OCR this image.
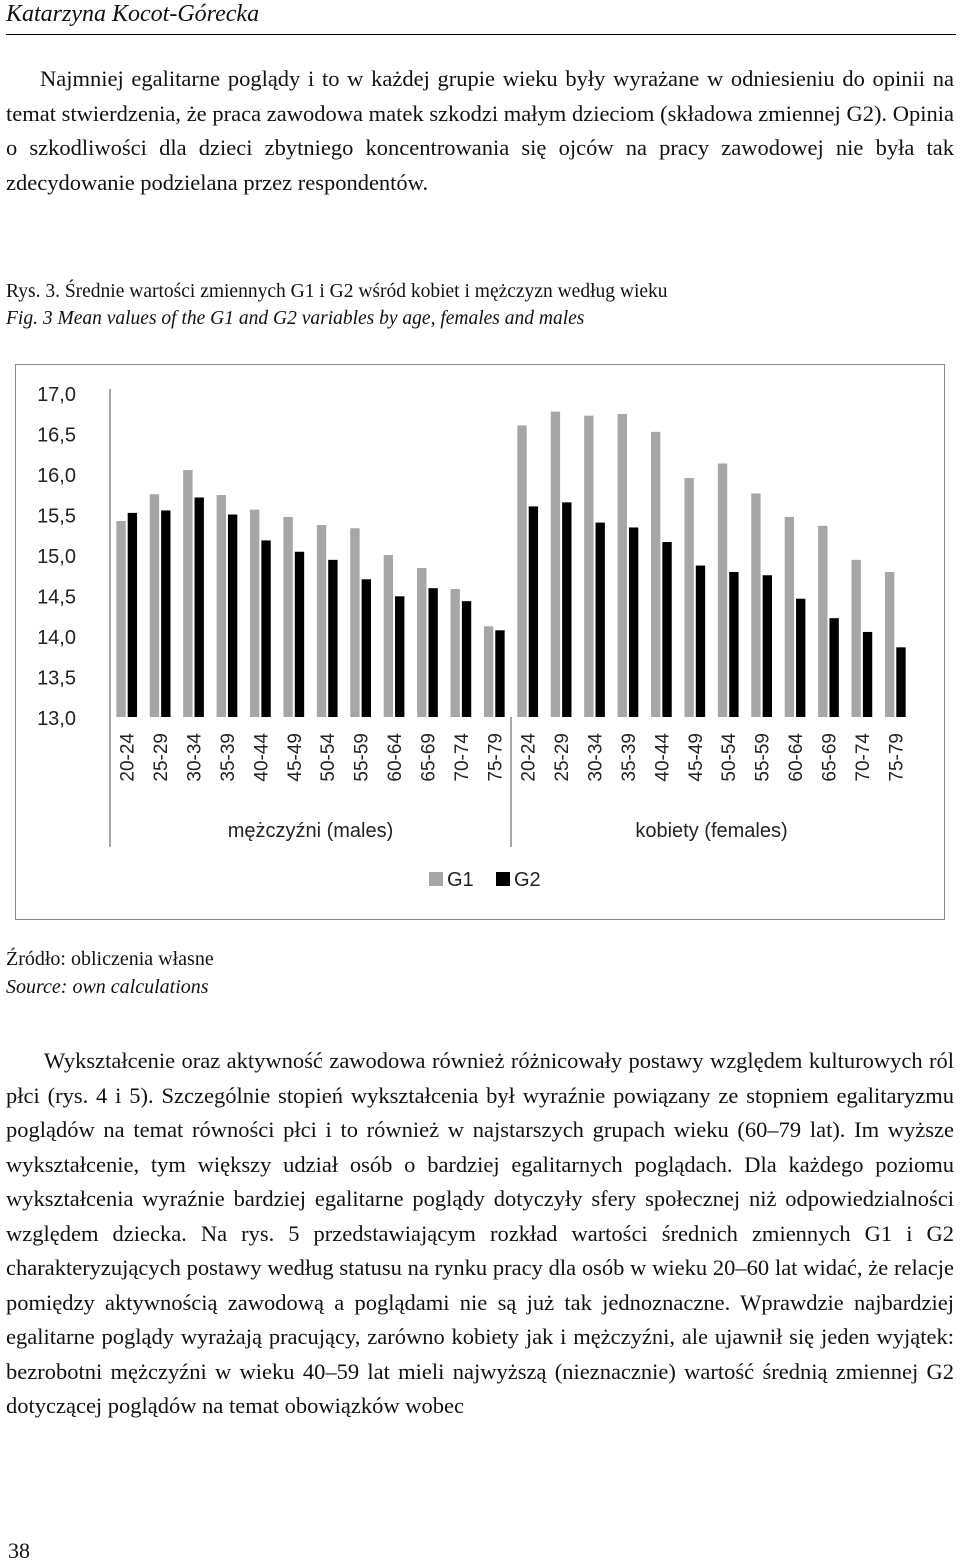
Katarzyna Kocot-Górecka

Najmniej egalitarne poglądy i to w każdej grupie wieku były wyrażane w odniesieniu do opinii na temat stwierdzenia, że praca zawodowa matek szkodzi małym dzieciom (składowa zmiennej G2). Opinia o szkodliwości dla dzieci zbytniego koncentrowania się ojców na pracy zawodowej nie była tak zdecydowanie podzielana przez respondentów.

Rys. 3. Średnie wartości zmiennych G1 i G2 wśród kobiet i mężczyzn według wieku

Fig. 3 Mean values of the G1 and G2 variables by age, females and males

13,0
13,5
14,0
14,5
15,0
15,5
16,0
16,5
17,0
20-24 25-29 30-34 35-39 40-44 45-49 50-54 55-59 60-64 65-69 70-74 75-79
mężczyźni (males)
20-24 25-29 30-34 35-39 40-44 45-49 50-54 55-59 60-64 65-69 70-74 75-79
kobiety (females)
G1 G2

Źródło: obliczenia własne

Source: own calculations

Wykształcenie oraz aktywność zawodowa również różnicowały postawy względem kulturowych ról płci (rys. 4 i 5). Szczególnie stopień wykształcenia był wyraźnie powiązany ze stopniem egalitaryzmu poglądów na temat równości płci i to również w najstarszych grupach wieku (60–79 lat). Im wyższe wykształcenie, tym większy udział osób o bardziej egalitarnych poglądach. Dla każdego poziomu wykształcenia wyraźnie bardziej egalitarne poglądy dotyczyły sfery społecznej niż odpowiedzialności względem dziecka. Na rys. 5 przedstawiającym rozkład wartości średnich zmiennych G1 i G2 charakteryzujących postawy według statusu na rynku pracy dla osób w wieku 20–60 lat widać, że relacje pomiędzy aktywnością zawodową a poglądami nie są już tak jednoznaczne. Wprawdzie najbardziej egalitarne poglądy wyrażają pracujący, zarówno kobiety jak i mężczyźni, ale ujawnił się jeden wyjątek: bezrobotni mężczyźni w wieku 40–59 lat mieli najwyższą (nieznacznie) wartość średnią zmiennej G2 dotyczącej poglądów na temat obowiązków wobec

38
